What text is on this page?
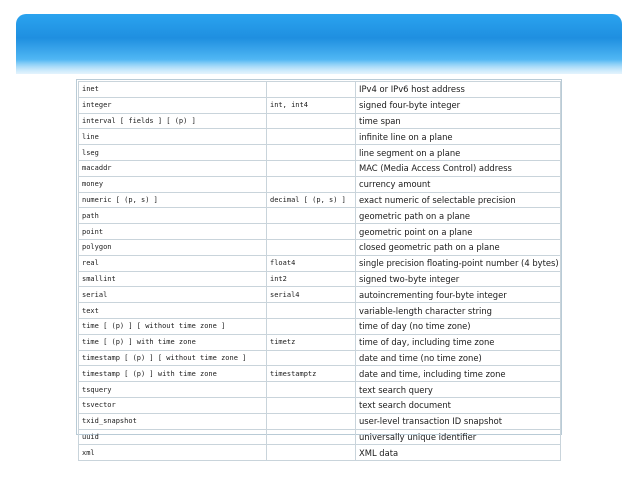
inet		IPv4 or IPv6 host address
integer	int, int4	signed four-byte integer
interval [ fields ] [ (p) ]		time span
line		infinite line on a plane
lseg		line segment on a plane
macaddr		MAC (Media Access Control) address
money		currency amount
numeric [ (p, s) ]	decimal [ (p, s) ]	exact numeric of selectable precision
path		geometric path on a plane
point		geometric point on a plane
polygon		closed geometric path on a plane
real	float4	single precision floating-point number (4 bytes)
smallint	int2	signed two-byte integer
serial	serial4	autoincrementing four-byte integer
text		variable-length character string
time [ (p) ] [ without time zone ]		time of day (no time zone)
time [ (p) ] with time zone	timetz	time of day, including time zone
timestamp [ (p) ] [ without time zone ]		date and time (no time zone)
timestamp [ (p) ] with time zone	timestamptz	date and time, including time zone
tsquery		text search query
tsvector		text search document
txid_snapshot		user-level transaction ID snapshot
uuid		universally unique identifier
xml		XML data
